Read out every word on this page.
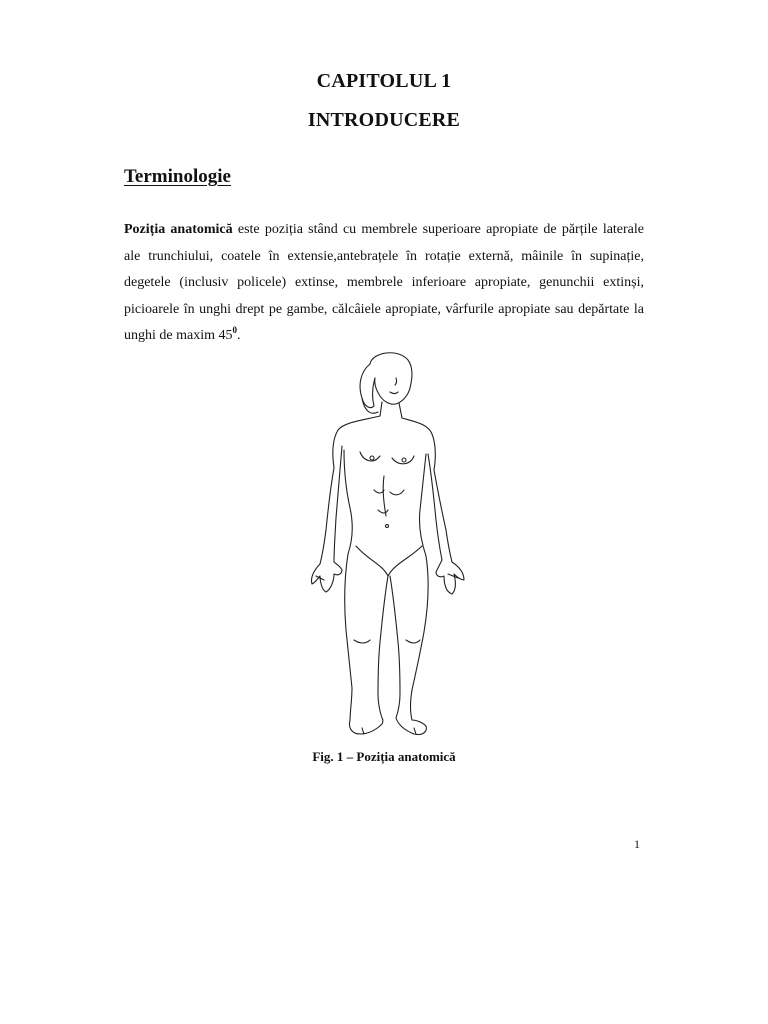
CAPITOLUL 1
INTRODUCERE
Terminologie
Poziția anatomică este poziția stând cu membrele superioare apropiate de părțile laterale ale trunchiului, coatele în extensie,antebrațele în rotație externă, mâinile în supinație, degetele (inclusiv policele) extinse, membrele inferioare apropiate, genunchii extinși, picioarele în unghi drept pe gambe, călcâiele apropiate, vârfurile apropiate sau depărtate la unghi de maxim $45^0$.
Fig. 1 – Poziția anatomică
1
